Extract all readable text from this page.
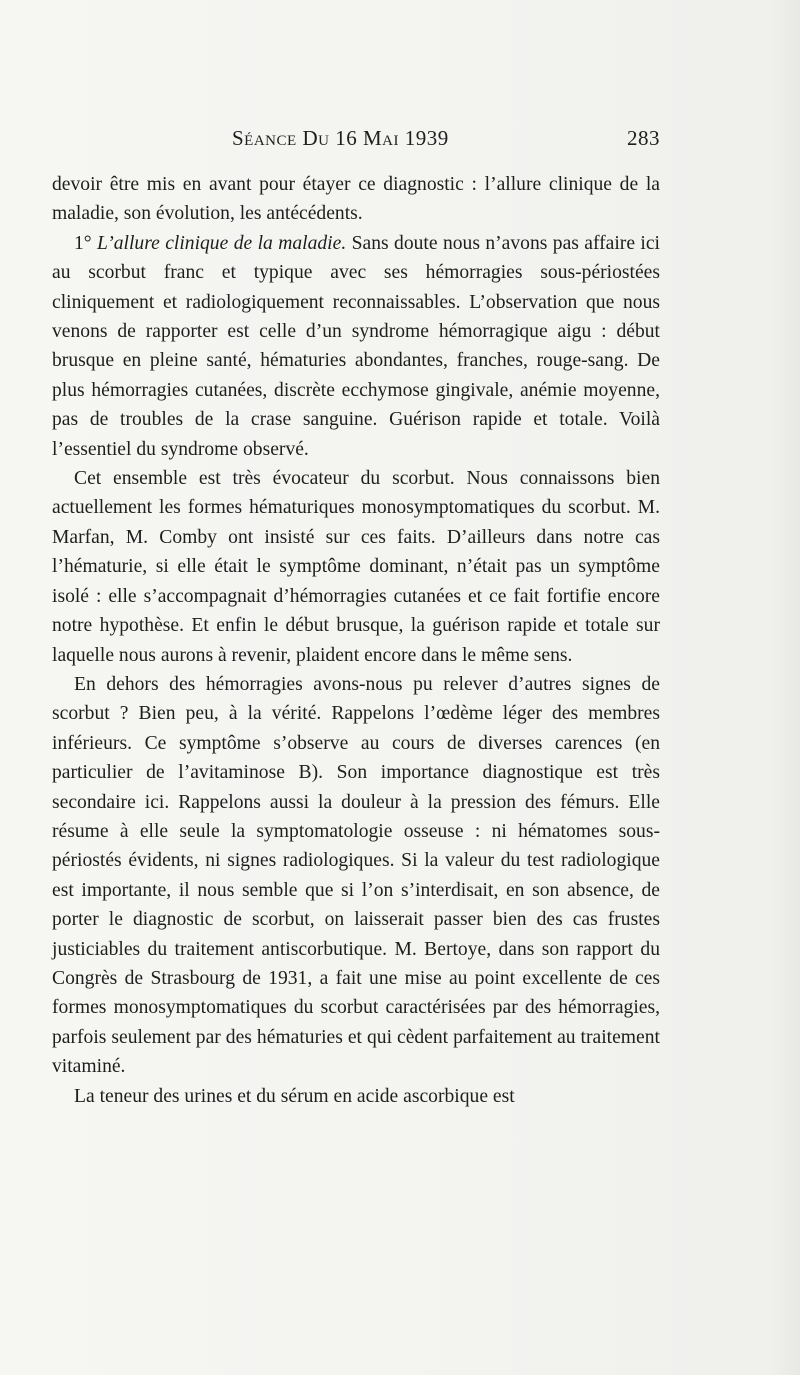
Séance Du 16 Mai 1939	283

devoir être mis en avant pour étayer ce diagnostic : l’allure clinique de la maladie, son évolution, les antécédents.

1° L’allure clinique de la maladie. Sans doute nous n’avons pas affaire ici au scorbut franc et typique avec ses hémorragies sous-périostées cliniquement et radiologiquement reconnaissables. L’observation que nous venons de rapporter est celle d’un syndrome hémorragique aigu : début brusque en pleine santé, hématuries abondantes, franches, rouge-sang. De plus hémorragies cutanées, discrète ecchymose gingivale, anémie moyenne, pas de troubles de la crase sanguine. Guérison rapide et totale. Voilà l’essentiel du syndrome observé.

Cet ensemble est très évocateur du scorbut. Nous connaissons bien actuellement les formes hématuriques monosymptomatiques du scorbut. M. Marfan, M. Comby ont insisté sur ces faits. D’ailleurs dans notre cas l’hématurie, si elle était le symptôme dominant, n’était pas un symptôme isolé : elle s’accompagnait d’hémorragies cutanées et ce fait fortifie encore notre hypothèse. Et enfin le début brusque, la guérison rapide et totale sur laquelle nous aurons à revenir, plaident encore dans le même sens.

En dehors des hémorragies avons-nous pu relever d’autres signes de scorbut ? Bien peu, à la vérité. Rappelons l’œdème léger des membres inférieurs. Ce symptôme s’observe au cours de diverses carences (en particulier de l’avitaminose B). Son importance diagnostique est très secondaire ici. Rappelons aussi la douleur à la pression des fémurs. Elle résume à elle seule la symptomatologie osseuse : ni hématomes sous-périostés évidents, ni signes radiologiques. Si la valeur du test radiologique est importante, il nous semble que si l’on s’interdisait, en son absence, de porter le diagnostic de scorbut, on laisserait passer bien des cas frustes justiciables du traitement antiscorbutique. M. Bertoye, dans son rapport du Congrès de Strasbourg de 1931, a fait une mise au point excellente de ces formes monosymptomatiques du scorbut caractérisées par des hémorragies, parfois seulement par des hématuries et qui cèdent parfaitement au traitement vitaminé.

La teneur des urines et du sérum en acide ascorbique est
